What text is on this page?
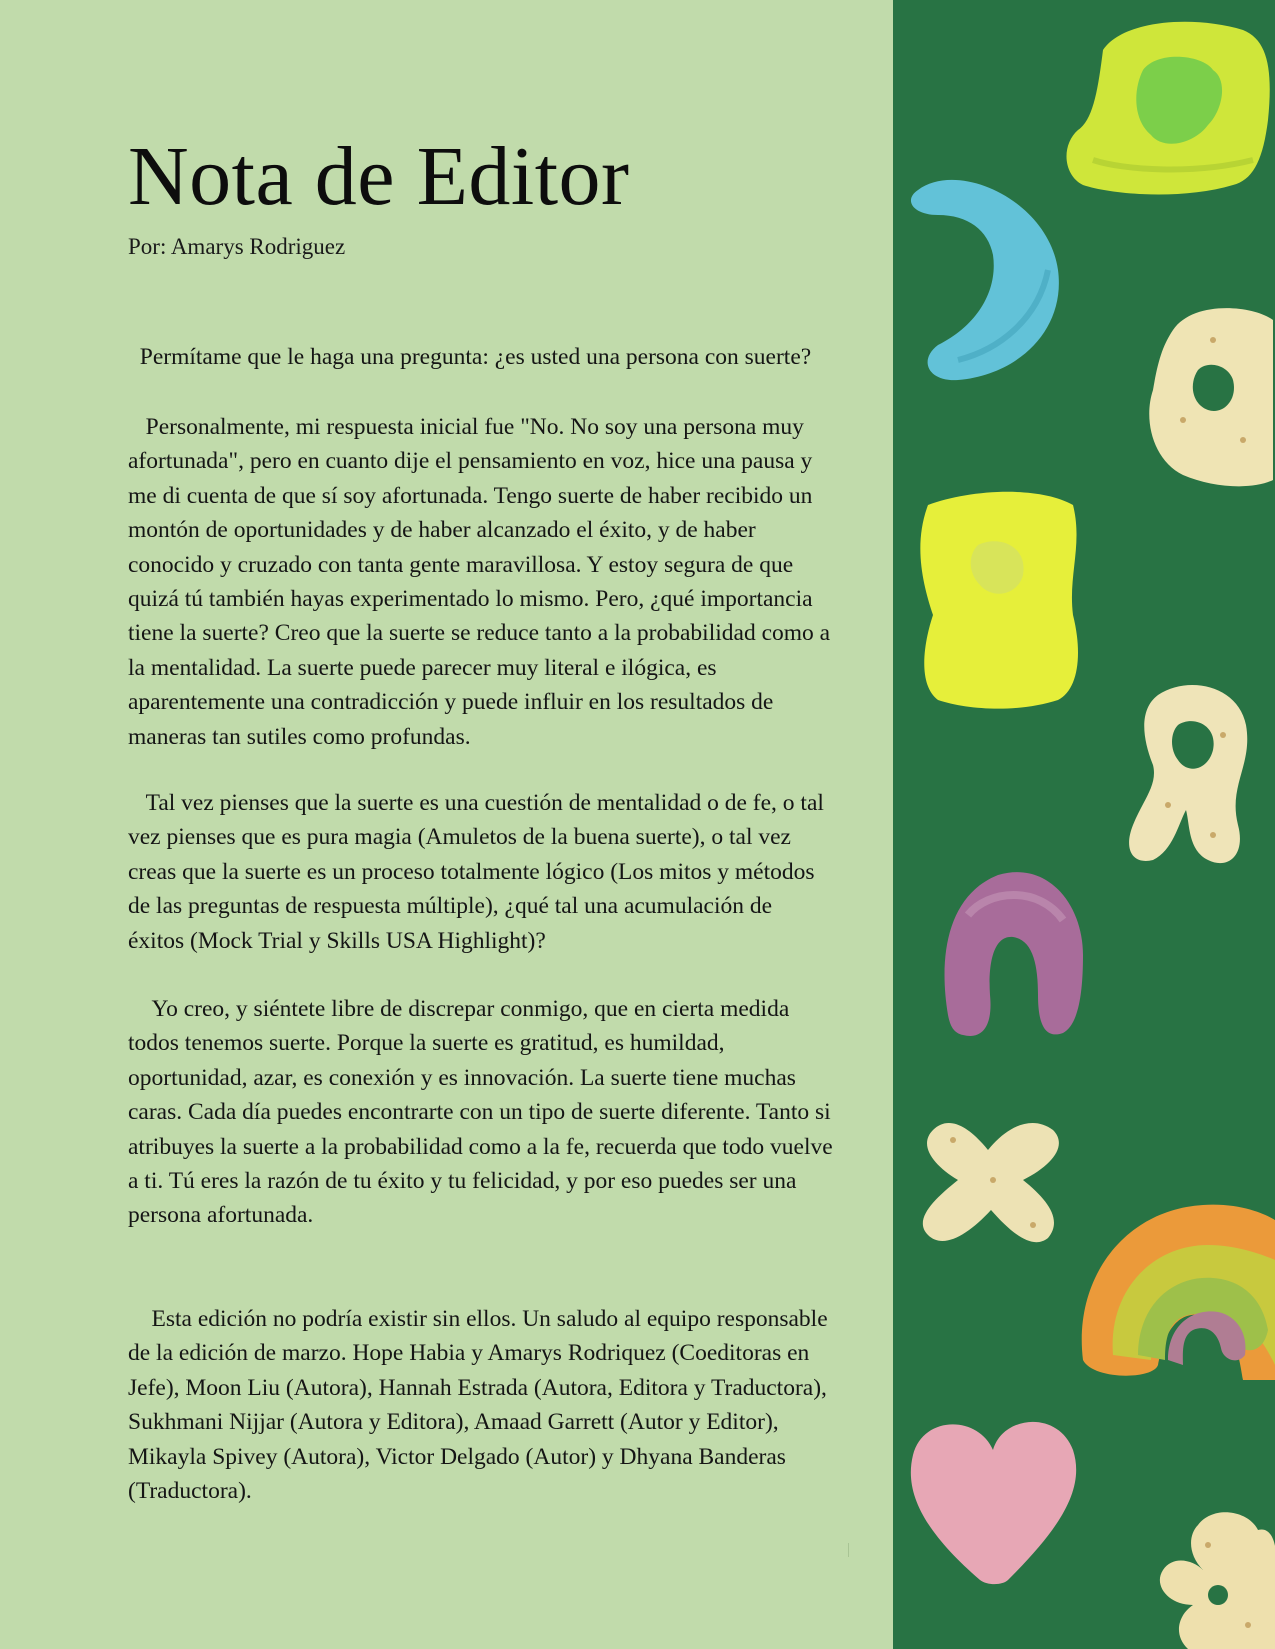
Nota de Editor
Por: Amarys Rodriguez

Permítame que le haga una pregunta: ¿es usted una persona con suerte?

Personalmente, mi respuesta inicial fue "No. No soy una persona muy afortunada", pero en cuanto dije el pensamiento en voz, hice una pausa y me di cuenta de que sí soy afortunada. Tengo suerte de haber recibido un montón de oportunidades y de haber alcanzado el éxito, y de haber conocido y cruzado con tanta gente maravillosa. Y estoy segura de que quizá tú también hayas experimentado lo mismo. Pero, ¿qué importancia tiene la suerte? Creo que la suerte se reduce tanto a la probabilidad como a la mentalidad. La suerte puede parecer muy literal e ilógica, es aparentemente una contradicción y puede influir en los resultados de maneras tan sutiles como profundas.

Tal vez pienses que la suerte es una cuestión de mentalidad o de fe, o tal vez pienses que es pura magia (Amuletos de la buena suerte), o tal vez creas que la suerte es un proceso totalmente lógico (Los mitos y métodos de las preguntas de respuesta múltiple), ¿qué tal una acumulación de éxitos (Mock Trial y Skills USA Highlight)?

Yo creo, y siéntete libre de discrepar conmigo, que en cierta medida todos tenemos suerte. Porque la suerte es gratitud, es humildad, oportunidad, azar, es conexión y es innovación. La suerte tiene muchas caras. Cada día puedes encontrarte con un tipo de suerte diferente. Tanto si atribuyes la suerte a la probabilidad como a la fe, recuerda que todo vuelve a ti. Tú eres la razón de tu éxito y tu felicidad, y por eso puedes ser una persona afortunada.

Esta edición no podría existir sin ellos. Un saludo al equipo responsable de la edición de marzo. Hope Habia y Amarys Rodriquez (Coeditoras en Jefe), Moon Liu (Autora), Hannah Estrada (Autora, Editora y Traductora), Sukhmani Nijjar (Autora y Editora), Amaad Garrett (Autor y Editor), Mikayla Spivey (Autora), Victor Delgado (Autor) y Dhyana Banderas (Traductora).
